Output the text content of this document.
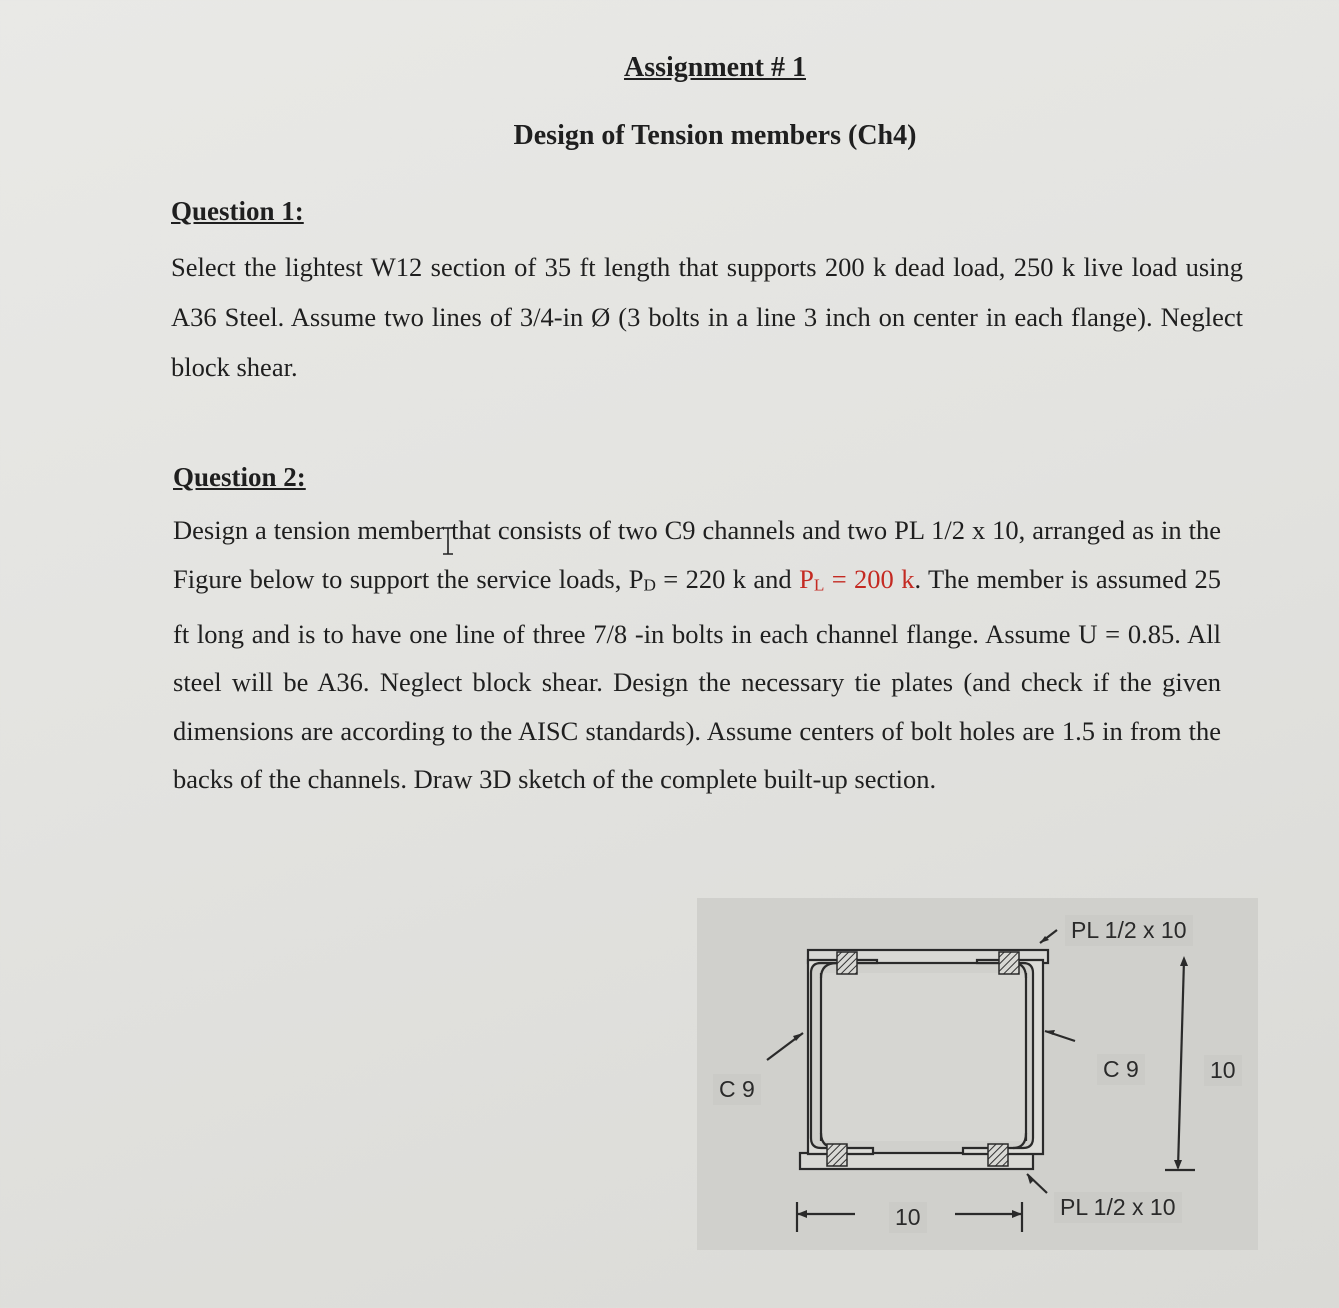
Assignment # 1
Design of Tension members (Ch4)
Question 1:
Select the lightest W12 section of 35 ft length that supports 200 k dead load, 250 k live load using A36 Steel. Assume two lines of 3/4-in Ø (3 bolts in a line 3 inch on center in each flange). Neglect block shear.
Question 2:
Design a tension member that consists of two C9 channels and two PL 1/2 x 10, arranged as in the Figure below to support the service loads, $P_D = 220$ k and $P_L = 200$ k. The member is assumed 25 ft long and is to have one line of three 7/8 -in bolts in each channel flange. Assume U = 0.85. All steel will be A36. Neglect block shear. Design the necessary tie plates (and check if the given dimensions are according to the AISC standards). Assume centers of bolt holes are 1.5 in from the backs of the channels. Draw 3D sketch of the complete built-up section.
PL 1/2 x 10
C 9
C 9	10
10	PL 1/2 x 10
